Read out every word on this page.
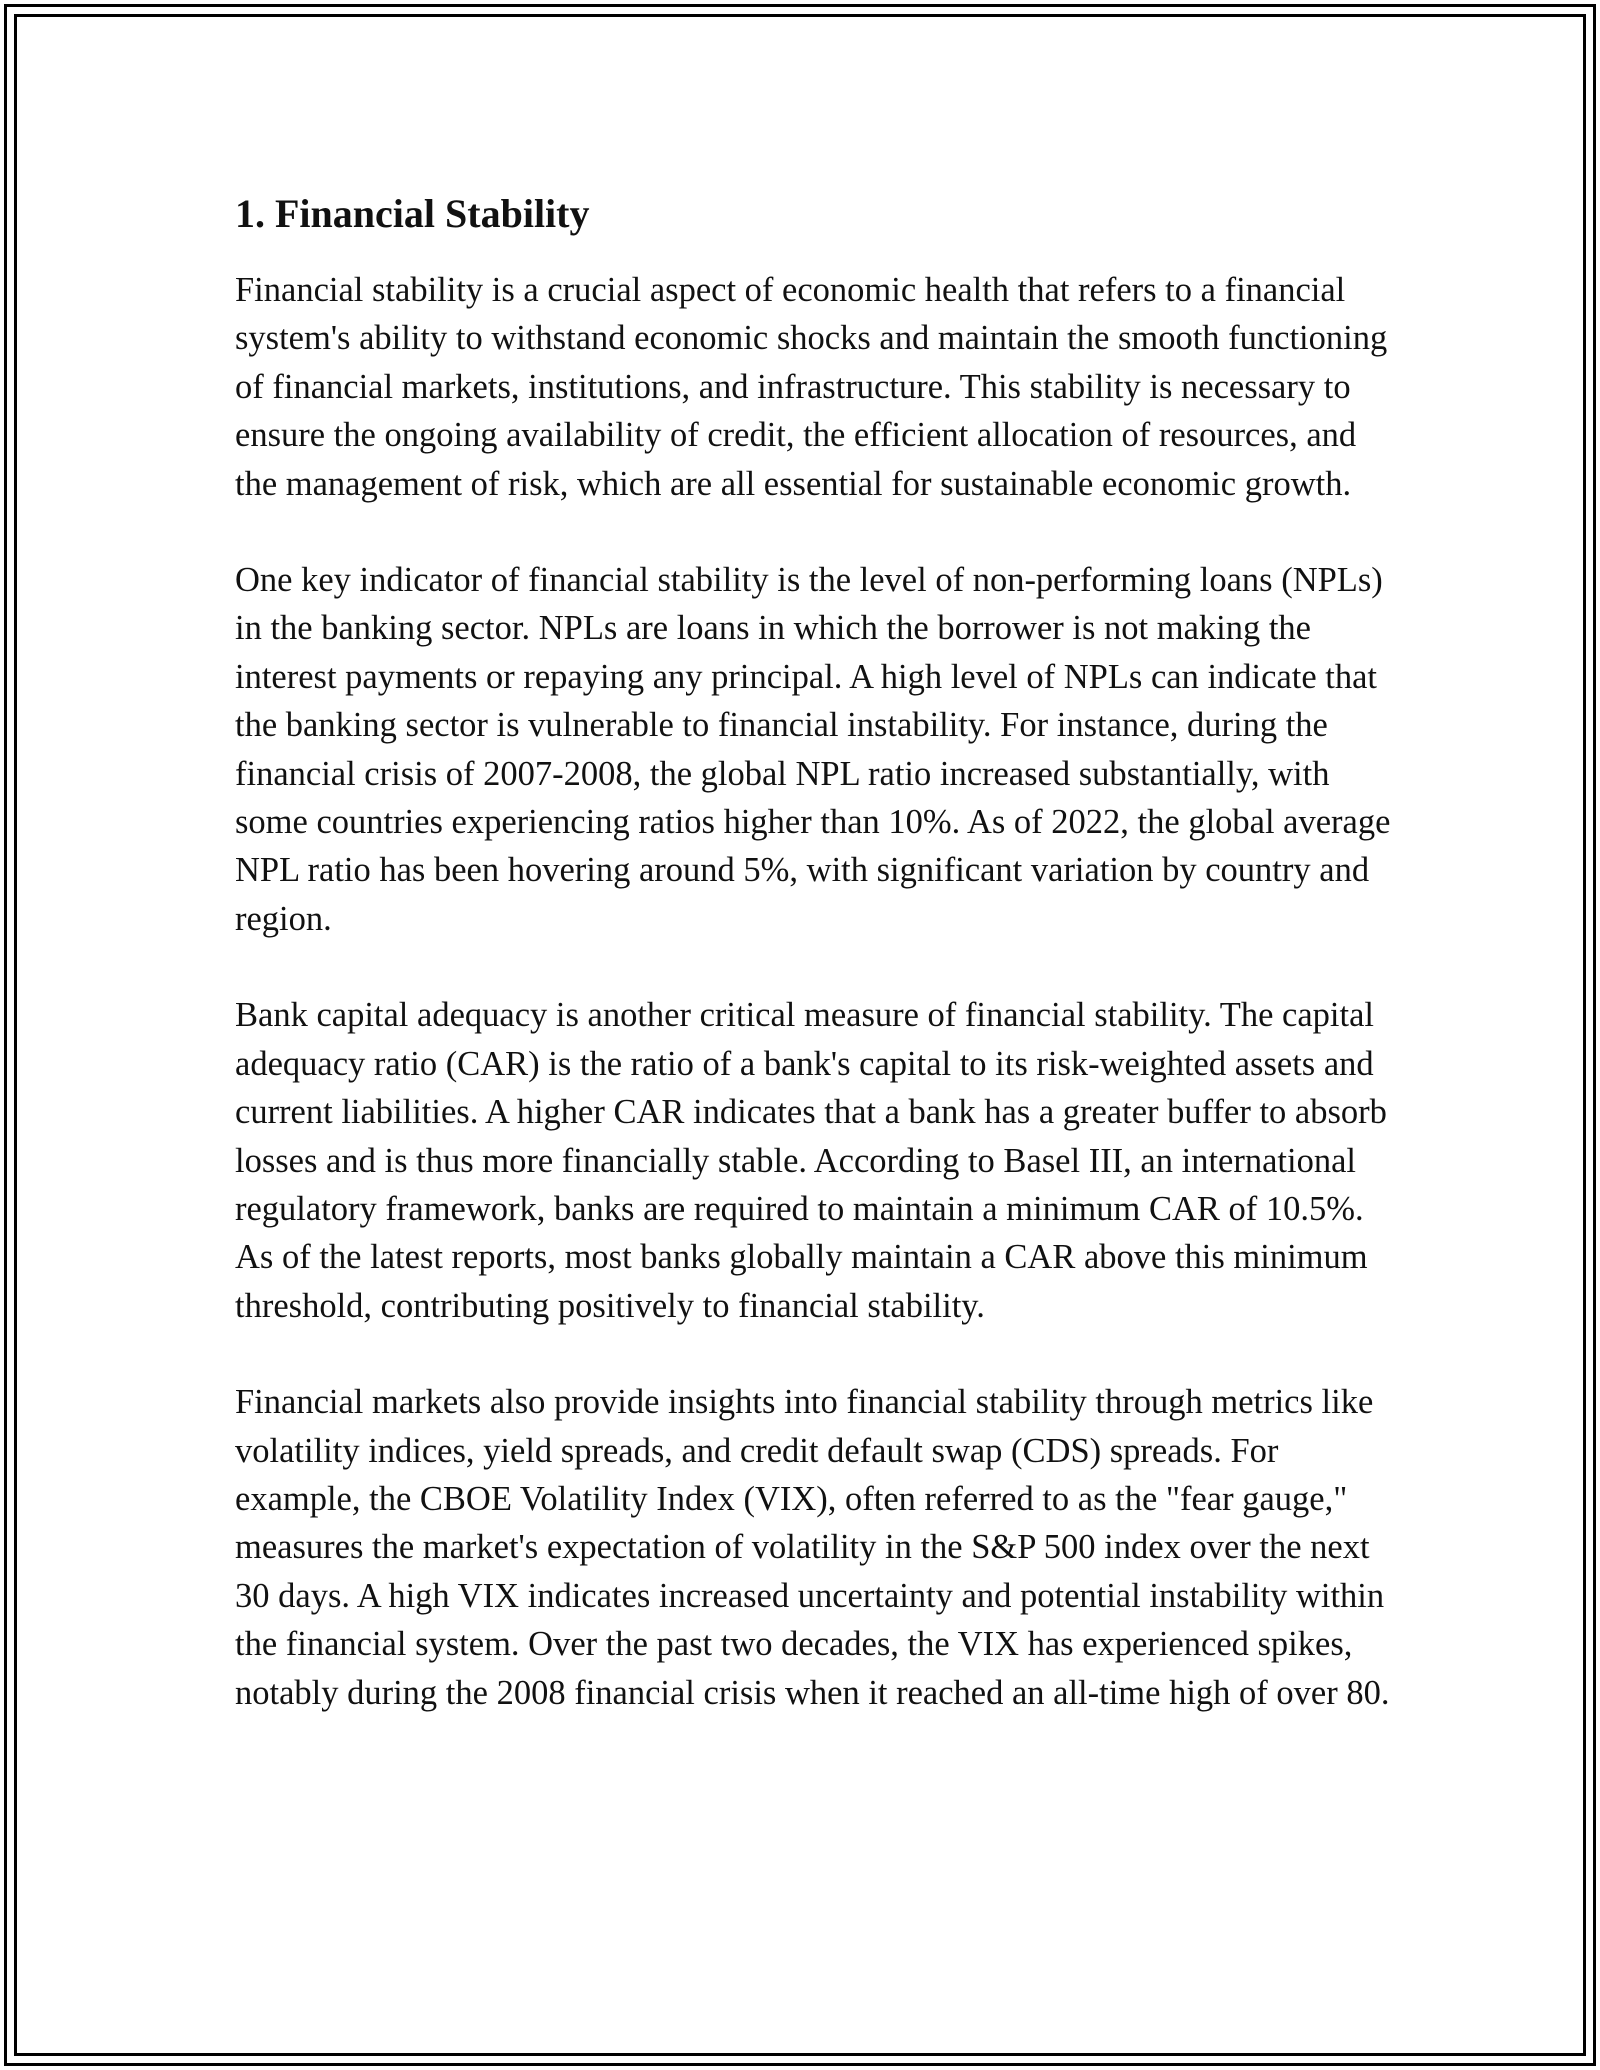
1. Financial Stability

Financial stability is a crucial aspect of economic health that refers to a financial system's ability to withstand economic shocks and maintain the smooth functioning of financial markets, institutions, and infrastructure. This stability is necessary to ensure the ongoing availability of credit, the efficient allocation of resources, and the management of risk, which are all essential for sustainable economic growth.

One key indicator of financial stability is the level of non-performing loans (NPLs) in the banking sector. NPLs are loans in which the borrower is not making the interest payments or repaying any principal. A high level of NPLs can indicate that the banking sector is vulnerable to financial instability. For instance, during the financial crisis of 2007-2008, the global NPL ratio increased substantially, with some countries experiencing ratios higher than 10%. As of 2022, the global average NPL ratio has been hovering around 5%, with significant variation by country and region.

Bank capital adequacy is another critical measure of financial stability. The capital adequacy ratio (CAR) is the ratio of a bank's capital to its risk-weighted assets and current liabilities. A higher CAR indicates that a bank has a greater buffer to absorb losses and is thus more financially stable. According to Basel III, an international regulatory framework, banks are required to maintain a minimum CAR of 10.5%. As of the latest reports, most banks globally maintain a CAR above this minimum threshold, contributing positively to financial stability.

Financial markets also provide insights into financial stability through metrics like volatility indices, yield spreads, and credit default swap (CDS) spreads. For example, the CBOE Volatility Index (VIX), often referred to as the "fear gauge," measures the market's expectation of volatility in the S&P 500 index over the next 30 days. A high VIX indicates increased uncertainty and potential instability within the financial system. Over the past two decades, the VIX has experienced spikes, notably during the 2008 financial crisis when it reached an all-time high of over 80.
